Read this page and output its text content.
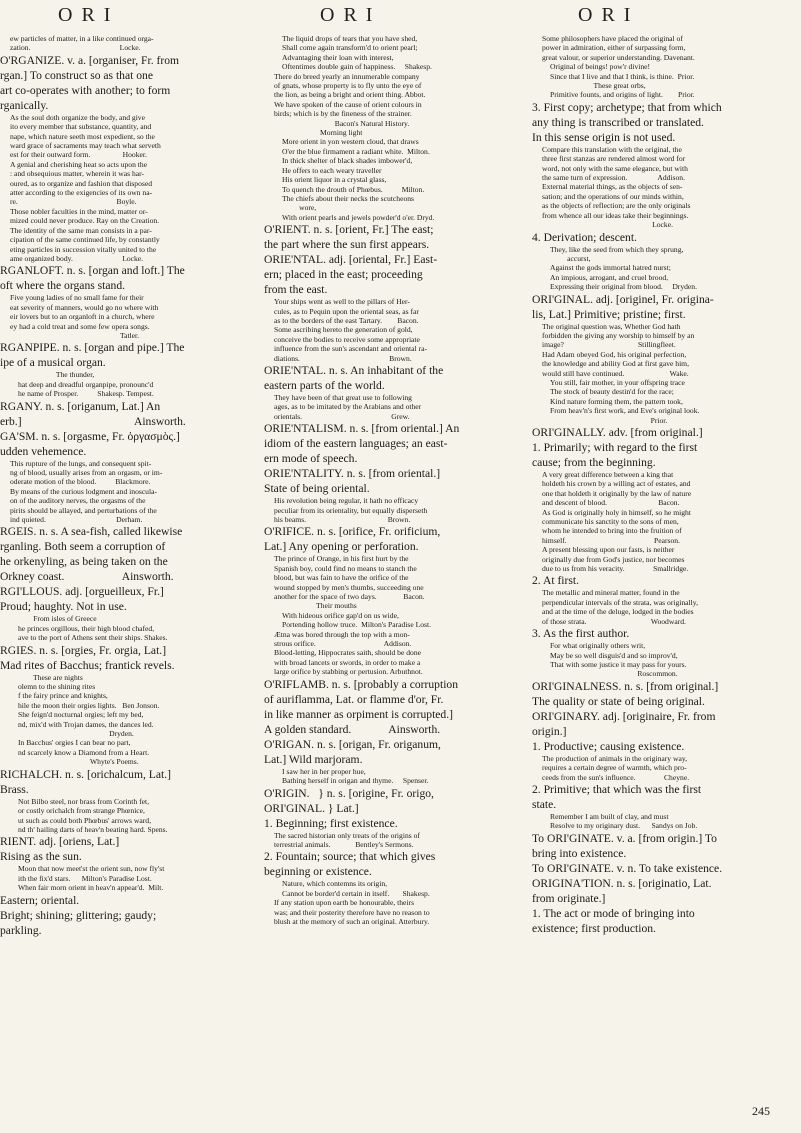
ORI	ORI	ORI
ew particles of matter, in a like continued orga-
zation.                                               Locke.
O'RGANIZE. v. a. [organiser, Fr. from
rgan.] To construct so as that one
art co-operates with another; to form
rganically.
As the soul doth organize the body, and give
ito every member that substance, quantity, and
nape, which nature seeth most expedient, so the
ward grace of sacraments may teach what serveth
est for their outward form.                 Hooker.
A genial and cherishing heat so acts upon the
: and obsequious matter, wherein it was har-
oured, as to organize and fashion that disposed
atter according to the exigencies of its own na-
re.                                                    Boyle.
Those nobler faculties in the mind, matter or-
mized could never produce. Ray on the Creation.
The identity of the same man consists in a par-
cipation of the same continued life, by constantly
eting particles in succession vitally united to the
ame organized body.                          Locke.
RGANLOFT. n. s. [organ and loft.] The
oft where the organs stand.
Five young ladies of no small fame for their
eat severity of manners, would go no where with
eir lovers but to an organloft in a church, where
ey had a cold treat and some few opera songs.
Tatler.
RGANPIPE. n. s. [organ and pipe.] The
ipe of a musical organ.
The thunder,
hat deep and dreadful organpipe, pronounc'd
he name of Prosper.          Shakesp. Tempest.
RGANY. n. s. [origanum, Lat.] An
erb.]                                       Ainsworth.
GA'SM. n. s. [orgasme, Fr. ὀργασμὸς.]
udden vehemence.
This rupture of the lungs, and consequent spit-
ng of blood, usually arises from an orgasm, or im-
oderate motion of the blood.          Blackmore.
By means of the curious lodgment and inoscula-
on of the auditory nerves, the orgasms of the
pirits should be allayed, and perturbations of the
ind quieted.                                     Derham.
RGEIS. n. s. A sea-fish, called likewise
rganling. Both seem a corruption of
he orkenyling, as being taken on the
Orkney coast.                    Ainsworth.
RGI'LLOUS. adj. [orgueilleux, Fr.]
Proud; haughty. Not in use.
From isles of Greece
he princes orgillous, their high blood chafed,
ave to the port of Athens sent their ships. Shakes.
RGIES. n. s. [orgies, Fr. orgia, Lat.]
Mad rites of Bacchus; frantick revels.
These are nights
olemn to the shining rites
f the fairy prince and knights,
hile the moon their orgies lights.   Ben Jonson.
She feign'd nocturnal orgies; left my bed,
nd, mix'd with Trojan dames, the dances led.
Dryden.
In Bacchus' orgies I can bear no part,
nd scarcely know a Diamond from a Heart.
Whyte's Poems.
RICHALCH. n. s. [orichalcum, Lat.]
Brass.
Not Bilbo steel, nor brass from Corinth fet,
or costly orichalch from strange Phœnice,
ut such as could both Phœbus' arrows ward,
nd th' hailing darts of heav'n beating hard. Spens.
RIENT. adj. [oriens, Lat.]
Rising as the sun.
Moon that now meet'st the orient sun, now fly'st
ith the fix'd stars.      Milton's Paradise Lost.
When fair morn orient in heav'n appear'd.  Milt.
Eastern; oriental.
Bright; shining; glittering; gaudy;
parkling.
The liquid drops of tears that you have shed,
Shall come again transform'd to orient pearl;
Advantaging their loan with interest,
Oftentimes double gain of happiness.     Shakesp.
There do breed yearly an innumerable company
of gnats, whose property is to fly unto the eye of
the lion, as being a bright and orient thing. Abbot.
We have spoken of the cause of orient colours in
birds; which is by the fineness of the strainer.
Bacon's Natural History.
Morning light
More orient in yon western cloud, that draws
O'er the blue firmament a radiant white.  Milton.
In thick shelter of black shades imbower'd,
He offers to each weary traveller
His orient liquor in a crystal glass,
To quench the drouth of Phœbus.          Milton.
The chiefs about their necks the scutcheons
wore,
With orient pearls and jewels powder'd o'er. Dryd.
O'RIENT. n. s. [orient, Fr.] The east;
the part where the sun first appears.
ORIE'NTAL. adj. [oriental, Fr.] East-
ern; placed in the east; proceeding
from the east.
Your ships went as well to the pillars of Her-
cules, as to Pequin upon the oriental seas, as far
as to the borders of the east Tartary.        Bacon.
Some ascribing hereto the generation of gold,
conceive the bodies to receive some appropriate
influence from the sun's ascendant and oriental ra-
diations.                                               Brown.
ORIE'NTAL. n. s. An inhabitant of the
eastern parts of the world.
They have been of that great use to following
ages, as to be imitated by the Arabians and other
orientals.                                               Grew.
ORIE'NTALISM. n. s. [from oriental.] An
idiom of the eastern languages; an east-
ern mode of speech.
ORIE'NTALITY. n. s. [from oriental.]
State of being oriental.
His revolution being regular, it hath no efficacy
peculiar from its orientality, but equally disperseth
his beams.                                           Brown.
O'RIFICE. n. s. [orifice, Fr. orificium,
Lat.] Any opening or perforation.
The prince of Orange, in his first hurt by the
Spanish boy, could find no means to stanch the
blood, but was fain to have the orifice of the
wound stopped by men's thumbs, succeeding one
another for the space of two days.              Bacon.
Their mouths
With hideous orifice gap'd on us wide,
Portending hollow truce.  Milton's Paradise Lost.
Ætna was bored through the top with a mon-
strous orifice.                                    Addison.
Blood-letting, Hippocrates saith, should be done
with broad lancets or swords, in order to make a
large orifice by stabbing or pertusion. Arbuthnot.
O'RIFLAMB. n. s. [probably a corruption
of auriflamma, Lat. or flamme d'or, Fr.
in like manner as orpiment is corrupted.]
A golden standard.             Ainsworth.
O'RIGAN. n. s. [origan, Fr. origanum,
Lat.] Wild marjoram.
I saw her in her proper hue,
Bathing herself in origan and thyme.     Spenser.
O'RIGIN.   } n. s. [origine, Fr. origo,
ORI'GINAL. } Lat.]
1. Beginning; first existence.
The sacred historian only treats of the origins of
terrestrial animals.             Bentley's Sermons.
2. Fountain; source; that which gives
beginning or existence.
Nature, which contemns its origin,
Cannot be border'd certain in itself.       Shakesp.
If any station upon earth be honourable, theirs
was; and their posterity therefore have no reason to
blush at the memory of such an original. Atterbury.
Some philosophers have placed the original of
power in admiration, either of surpassing form,
great valour, or superior understanding. Davenant.
Original of beings! pow'r divine!
Since that I live and that I think, is thine.  Prior.
These great orbs,
Primitive founts, and origins of light.        Prior.
3. First copy; archetype; that from which
any thing is transcribed or translated.
In this sense origin is not used.
Compare this translation with the original, the
three first stanzas are rendered almost word for
word, not only with the same elegance, but with
the same turn of expression.                Addison.
External material things, as the objects of sen-
sation; and the operations of our minds within,
as the objects of reflection; are the only originals
from whence all our ideas take their beginnings.
Locke.
4. Derivation; descent.
They, like the seed from which they sprung,
accurst,
Against the gods immortal hatred nurst;
An impious, arrogant, and cruel brood,
Expressing their original from blood.     Dryden.
ORI'GINAL. adj. [originel, Fr. origina-
lis, Lat.] Primitive; pristine; first.
The original question was, Whether God hath
forbidden the giving any worship to himself by an
image?                                       Stillingfleet.
Had Adam obeyed God, his original perfection,
the knowledge and ability God at first gave him,
would still have continued.                        Wake.
You still, fair mother, in your offspring trace
The stock of beauty destin'd for the race;
Kind nature forming them, the pattern took,
From heav'n's first work, and Eve's original look.
Prior.
ORI'GINALLY. adv. [from original.]
1. Primarily; with regard to the first
cause; from the beginning.
A very great difference between a king that
holdeth his crown by a willing act of estates, and
one that holdeth it originally by the law of nature
and descent of blood.                           Bacon.
As God is originally holy in himself, so he might
communicate his sanctity to the sons of men,
whom he intended to bring into the fruition of
himself.                                              Pearson.
A present blessing upon our fasts, is neither
originally due from God's justice, nor becomes
due to us from his veracity.               Smallridge.
2. At first.
The metallic and mineral matter, found in the
perpendicular intervals of the strata, was originally,
and at the time of the deluge, lodged in the bodies
of those strata.                                  Woodward.
3. As the first author.
For what originally others writ,
May be so well disguis'd and so improv'd,
That with some justice it may pass for yours.
Roscommon.
ORI'GINALNESS. n. s. [from original.]
The quality or state of being original.
ORI'GINARY. adj. [originaire, Fr. from
origin.]
1. Productive; causing existence.
The production of animals in the originary way,
requires a certain degree of warmth, which pro-
ceeds from the sun's influence.               Cheyne.
2. Primitive; that which was the first
state.
Remember I am built of clay, and must
Resolve to my originary dust.      Sandys on Job.
To ORI'GINATE. v. a. [from origin.] To
bring into existence.
To ORI'GINATE. v. n. To take existence.
ORIGINA'TION. n. s. [originatio, Lat.
from originate.]
1. The act or mode of bringing into
existence; first production.
245
